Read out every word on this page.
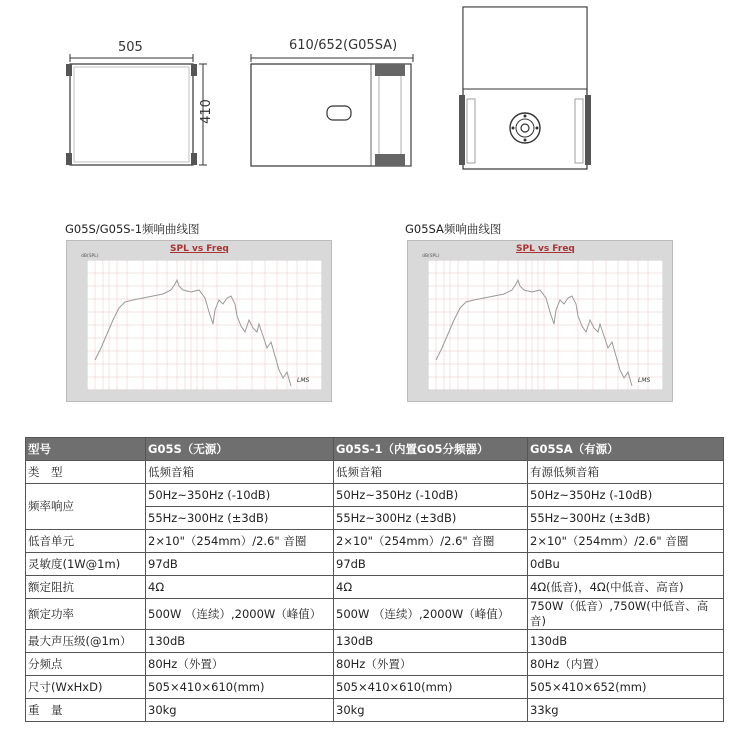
505
410
610/652(G05SA)
G05S/G05S-1频响曲线图	G05SA频响曲线图
SPL vs Freq
dB(SPL)
LMS
SPL vs Freq
dB(SPL)
LMS
型号	G05S（无源）	G05S-1（内置G05分频器）	G05SA（有源）
类　型	低频音箱	低频音箱	有源低频音箱
频率响应	50Hz~350Hz (-10dB)	50Hz~350Hz (-10dB)	50Hz~350Hz (-10dB)
	55Hz~300Hz (±3dB)	55Hz~300Hz (±3dB)	55Hz~300Hz (±3dB)
低音单元	2×10"（254mm）/2.6" 音圈	2×10"（254mm）/2.6" 音圈	2×10"（254mm）/2.6" 音圈
灵敏度(1W@1m)	97dB	97dB	0dBu
额定阻抗	4Ω	4Ω	4Ω(低音)，4Ω(中低音、高音)
额定功率	500W （连续）,2000W（峰值）	500W （连续）,2000W（峰值）	750W（低音）,750W(中低音、高音)
最大声压级(@1m）	130dB	130dB	130dB
分频点	80Hz（外置）	80Hz（外置）	80Hz（内置）
尺寸(WxHxD)	505×410×610(mm)	505×410×610(mm)	505×410×652(mm)
重　量	30kg	30kg	33kg
